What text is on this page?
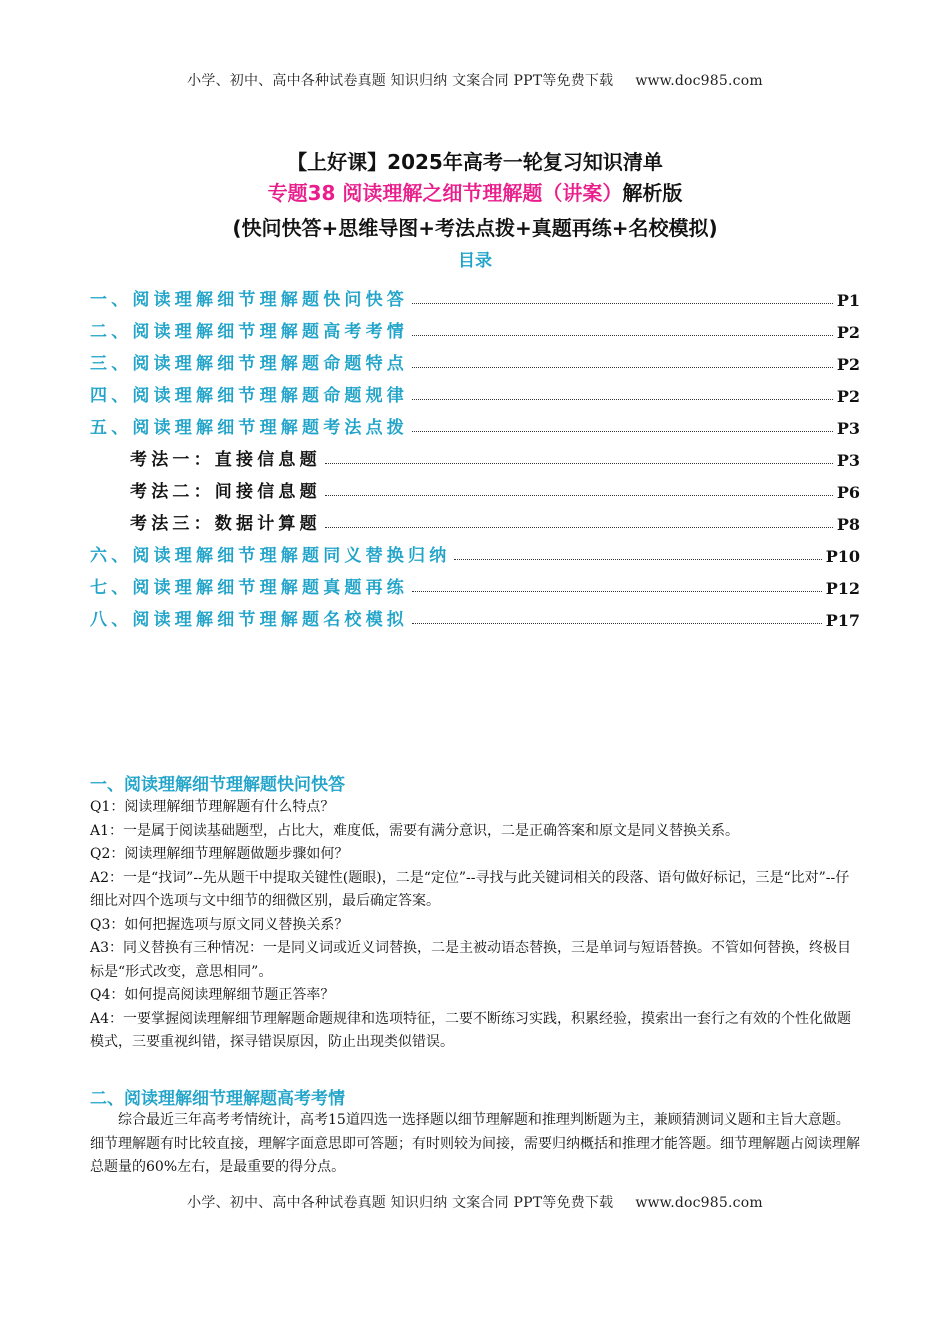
小学、初中、高中各种试卷真题 知识归纳 文案合同 PPT等免费下载 www.doc985.com
【上好课】2025年高考一轮复习知识清单
专题38 阅读理解之细节理解题（讲案）解析版
(快问快答+思维导图+考法点拨+真题再练+名校模拟)
目录
一、阅读理解细节理解题快问快答	P1
二、阅读理解细节理解题高考考情	P2
三、阅读理解细节理解题命题特点	P2
四、阅读理解细节理解题命题规律	P2
五、阅读理解细节理解题考法点拨	P3
考法一：直接信息题	P3
考法二：间接信息题	P6
考法三：数据计算题	P8
六、阅读理解细节理解题同义替换归纳	P10
七、阅读理解细节理解题真题再练	P12
八、阅读理解细节理解题名校模拟	P17
一、阅读理解细节理解题快问快答

Q1：阅读理解细节理解题有什么特点？

A1：一是属于阅读基础题型，占比大，难度低，需要有满分意识，二是正确答案和原文是同义替换关系。

Q2：阅读理解细节理解题做题步骤如何？

A2：一是“找词”--先从题干中提取关键性(题眼)，二是“定位”--寻找与此关键词相关的段落、语句做好标记，三是“比对”--仔细比对四个选项与文中细节的细微区别，最后确定答案。

Q3：如何把握选项与原文同义替换关系？

A3：同义替换有三种情况：一是同义词或近义词替换，二是主被动语态替换，三是单词与短语替换。不管如何替换，终极目标是“形式改变，意思相同”。

Q4：如何提高阅读理解细节题正答率？

A4：一要掌握阅读理解细节理解题命题规律和选项特征，二要不断练习实践，积累经验，摸索出一套行之有效的个性化做题模式，三要重视纠错，探寻错误原因，防止出现类似错误。

二、阅读理解细节理解题高考考情

综合最近三年高考考情统计，高考15道四选一选择题以细节理解题和推理判断题为主，兼顾猜测词义题和主旨大意题。细节理解题有时比较直接，理解字面意思即可答题；有时则较为间接，需要归纳概括和推理才能答题。细节理解题占阅读理解总题量的60%左右，是最重要的得分点。

小学、初中、高中各种试卷真题 知识归纳 文案合同 PPT等免费下载 www.doc985.com
